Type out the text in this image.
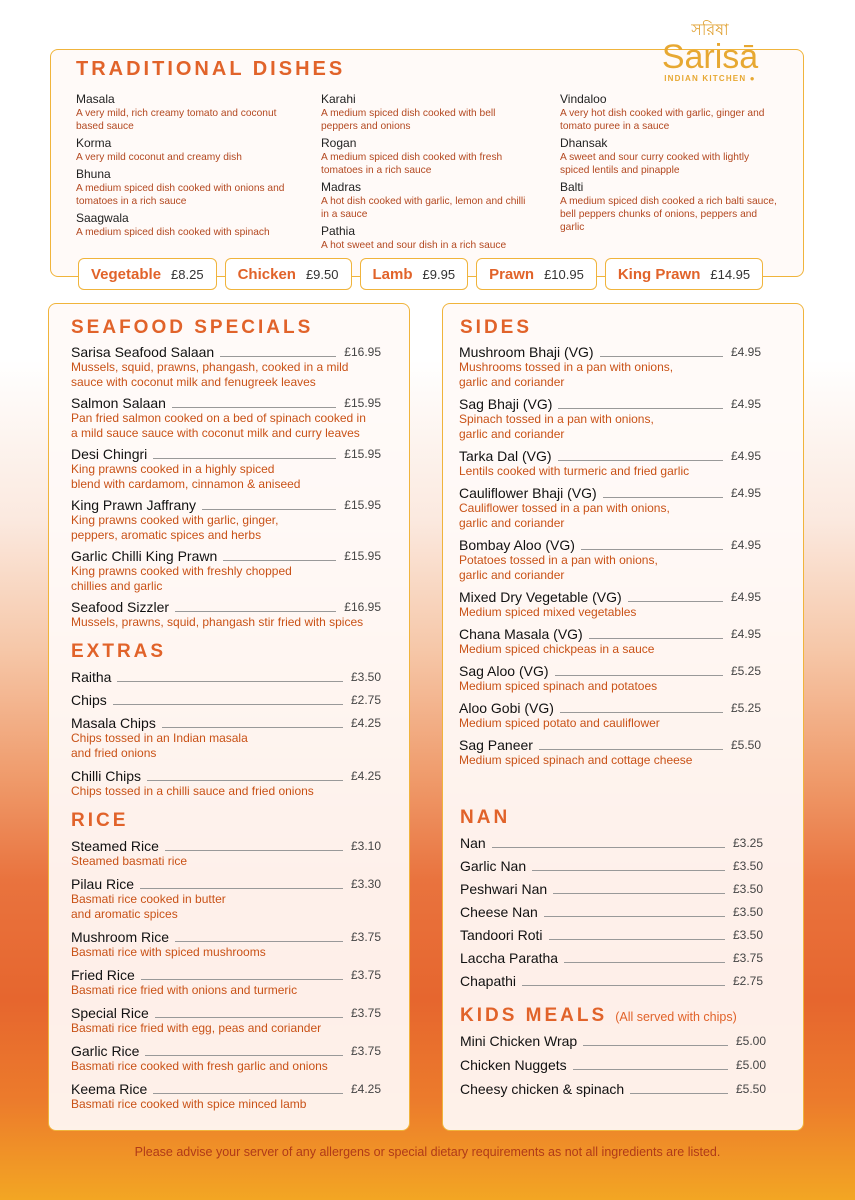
TRADITIONAL DISHES
সরিষা
Sarisā
INDIAN KITCHEN ●
Masala
A very mild, rich creamy tomato and coconut based sauce
Korma
A very mild coconut and creamy dish
Bhuna
A medium spiced dish cooked with onions and tomatoes in a rich sauce
Saagwala
A medium spiced dish cooked with spinach
Karahi
A medium spiced dish cooked with bell peppers and onions
Rogan
A medium spiced dish cooked with fresh tomatoes in a rich sauce
Madras
A hot dish cooked with garlic, lemon and chilli in a sauce
Pathia
A hot sweet and sour dish in a rich sauce
Vindaloo
A very hot dish cooked with garlic, ginger and tomato puree in a sauce
Dhansak
A sweet and sour curry cooked with lightly spiced lentils and pinapple
Balti
A medium spiced dish cooked a rich balti sauce, bell peppers chunks of onions, peppers and garlic
Vegetable £8.25 Chicken £9.50 Lamb £9.95 Prawn £10.95 King Prawn £14.95
SEAFOOD SPECIALS
Sarisa Seafood Salaan	£16.95
Mussels, squid, prawns, phangash, cooked in a mild
sauce with coconut milk and fenugreek leaves
Salmon Salaan	£15.95
Pan fried salmon cooked on a bed of spinach cooked in
a mild sauce sauce with coconut milk and curry leaves
Desi Chingri	£15.95
King prawns cooked in a highly spiced
blend with cardamom, cinnamon & aniseed
King Prawn Jaffrany	£15.95
King prawns cooked with garlic, ginger,
peppers, aromatic spices and herbs
Garlic Chilli King Prawn	£15.95
King prawns cooked with freshly chopped
chillies and garlic
Seafood Sizzler	£16.95
Mussels, prawns, squid, phangash stir fried with spices
EXTRAS
Raitha	£3.50
Chips	£2.75
Masala Chips	£4.25
Chips tossed in an Indian masala
and fried onions
Chilli Chips	£4.25
Chips tossed in a chilli sauce and fried onions
RICE
Steamed Rice	£3.10
Steamed basmati rice
Pilau Rice	£3.30
Basmati rice cooked in butter
and aromatic spices
Mushroom Rice	£3.75
Basmati rice with spiced mushrooms
Fried Rice	£3.75
Basmati rice fried with onions and turmeric
Special Rice	£3.75
Basmati rice fried with egg, peas and coriander
Garlic Rice	£3.75
Basmati rice cooked with fresh garlic and onions
Keema Rice	£4.25
Basmati rice cooked with spice minced lamb
SIDES
Mushroom Bhaji (VG)	£4.95
Mushrooms tossed in a pan with onions,
garlic and coriander
Sag Bhaji (VG)	£4.95
Spinach tossed in a pan with onions,
garlic and coriander
Tarka Dal (VG)	£4.95
Lentils cooked with turmeric and fried garlic
Cauliflower Bhaji (VG)	£4.95
Cauliflower tossed in a pan with onions,
garlic and coriander
Bombay Aloo (VG)	£4.95
Potatoes tossed in a pan with onions,
garlic and coriander
Mixed Dry Vegetable (VG)	£4.95
Medium spiced mixed vegetables
Chana Masala (VG)	£4.95
Medium spiced chickpeas in a sauce
Sag Aloo (VG)	£5.25
Medium spiced spinach and potatoes
Aloo Gobi (VG)	£5.25
Medium spiced potato and cauliflower
Sag Paneer	£5.50
Medium spiced spinach and cottage cheese
NAN
Nan	£3.25
Garlic Nan	£3.50
Peshwari Nan	£3.50
Cheese Nan	£3.50
Tandoori Roti	£3.50
Laccha Paratha	£3.75
Chapathi	£2.75
KIDS MEALS (All served with chips)
Mini Chicken Wrap	£5.00
Chicken Nuggets	£5.00
Cheesy chicken & spinach	£5.50
Please advise your server of any allergens or special dietary requirements as not all ingredients are listed.
